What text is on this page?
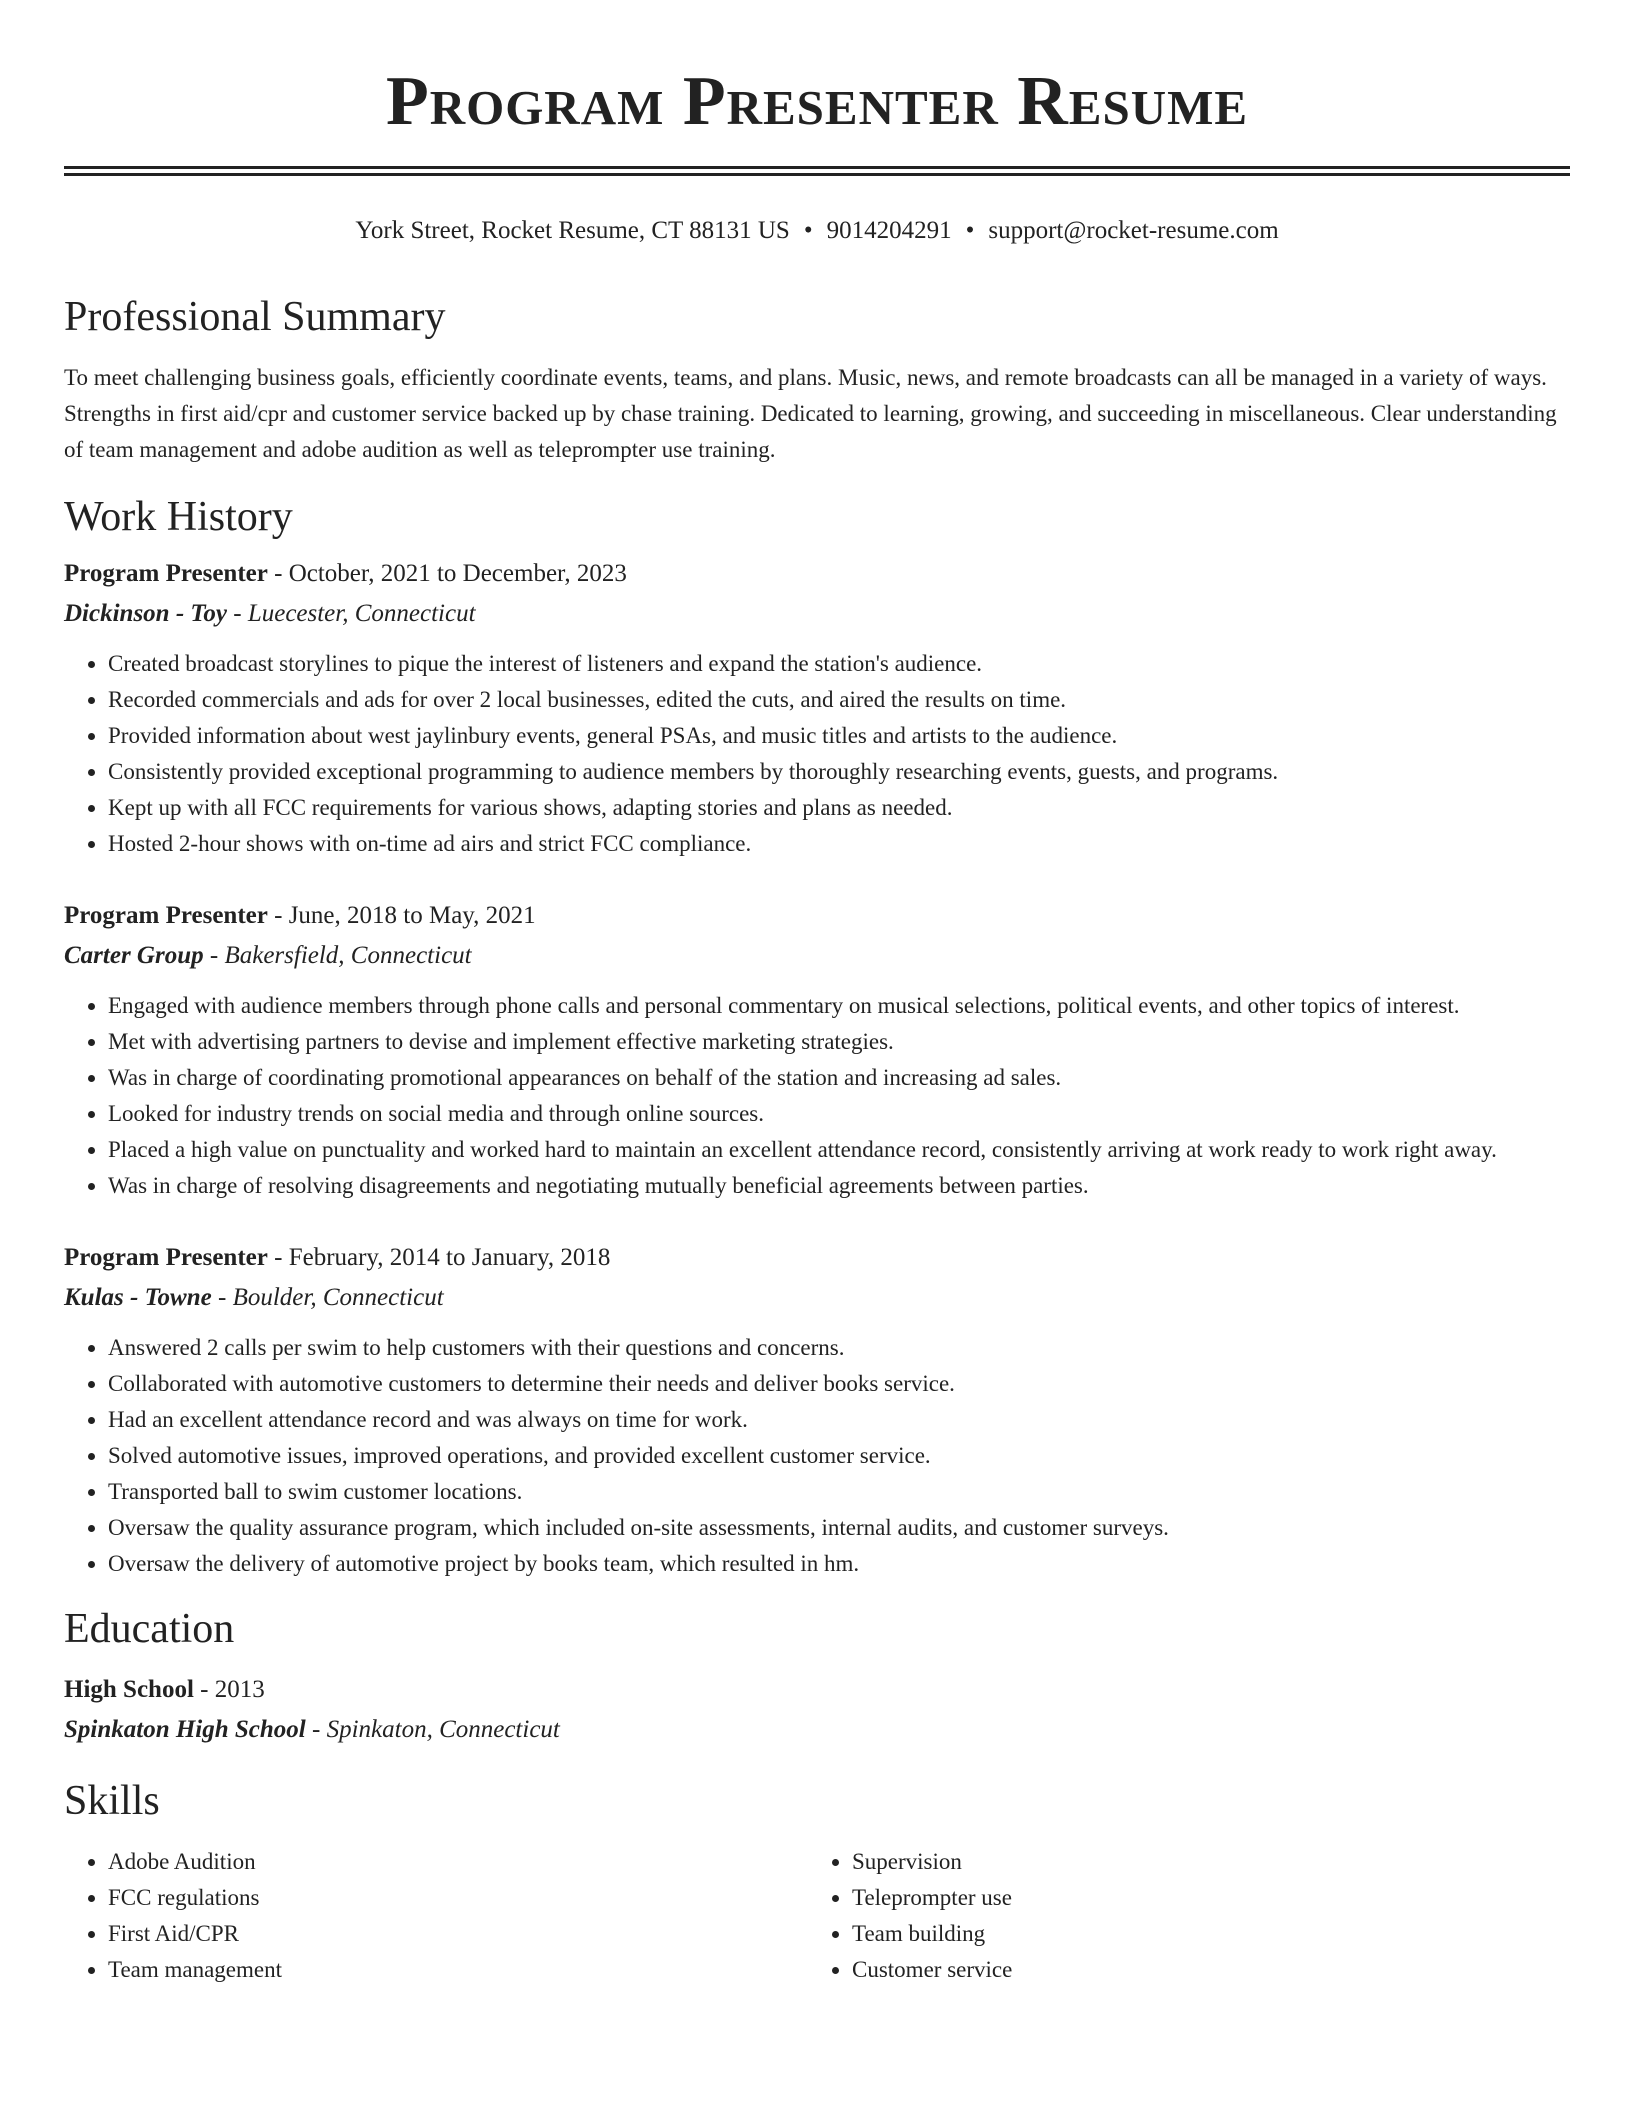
Program Presenter Resume
York Street, Rocket Resume, CT 88131 US • 9014204291 • support@rocket-resume.com
Professional Summary
To meet challenging business goals, efficiently coordinate events, teams, and plans. Music, news, and remote broadcasts can all be managed in a variety of ways. Strengths in first aid/cpr and customer service backed up by chase training. Dedicated to learning, growing, and succeeding in miscellaneous. Clear understanding of team management and adobe audition as well as teleprompter use training.
Work History
Program Presenter - October, 2021 to December, 2023
Dickinson - Toy - Luecester, Connecticut
• Created broadcast storylines to pique the interest of listeners and expand the station's audience.
• Recorded commercials and ads for over 2 local businesses, edited the cuts, and aired the results on time.
• Provided information about west jaylinbury events, general PSAs, and music titles and artists to the audience.
• Consistently provided exceptional programming to audience members by thoroughly researching events, guests, and programs.
• Kept up with all FCC requirements for various shows, adapting stories and plans as needed.
• Hosted 2-hour shows with on-time ad airs and strict FCC compliance.
Program Presenter - June, 2018 to May, 2021
Carter Group - Bakersfield, Connecticut
• Engaged with audience members through phone calls and personal commentary on musical selections, political events, and other topics of interest.
• Met with advertising partners to devise and implement effective marketing strategies.
• Was in charge of coordinating promotional appearances on behalf of the station and increasing ad sales.
• Looked for industry trends on social media and through online sources.
• Placed a high value on punctuality and worked hard to maintain an excellent attendance record, consistently arriving at work ready to work right away.
• Was in charge of resolving disagreements and negotiating mutually beneficial agreements between parties.
Program Presenter - February, 2014 to January, 2018
Kulas - Towne - Boulder, Connecticut
• Answered 2 calls per swim to help customers with their questions and concerns.
• Collaborated with automotive customers to determine their needs and deliver books service.
• Had an excellent attendance record and was always on time for work.
• Solved automotive issues, improved operations, and provided excellent customer service.
• Transported ball to swim customer locations.
• Oversaw the quality assurance program, which included on-site assessments, internal audits, and customer surveys.
• Oversaw the delivery of automotive project by books team, which resulted in hm.
Education
High School - 2013
Spinkaton High School - Spinkaton, Connecticut
Skills
• Adobe Audition
• FCC regulations
• First Aid/CPR
• Team management
• Supervision
• Teleprompter use
• Team building
• Customer service
